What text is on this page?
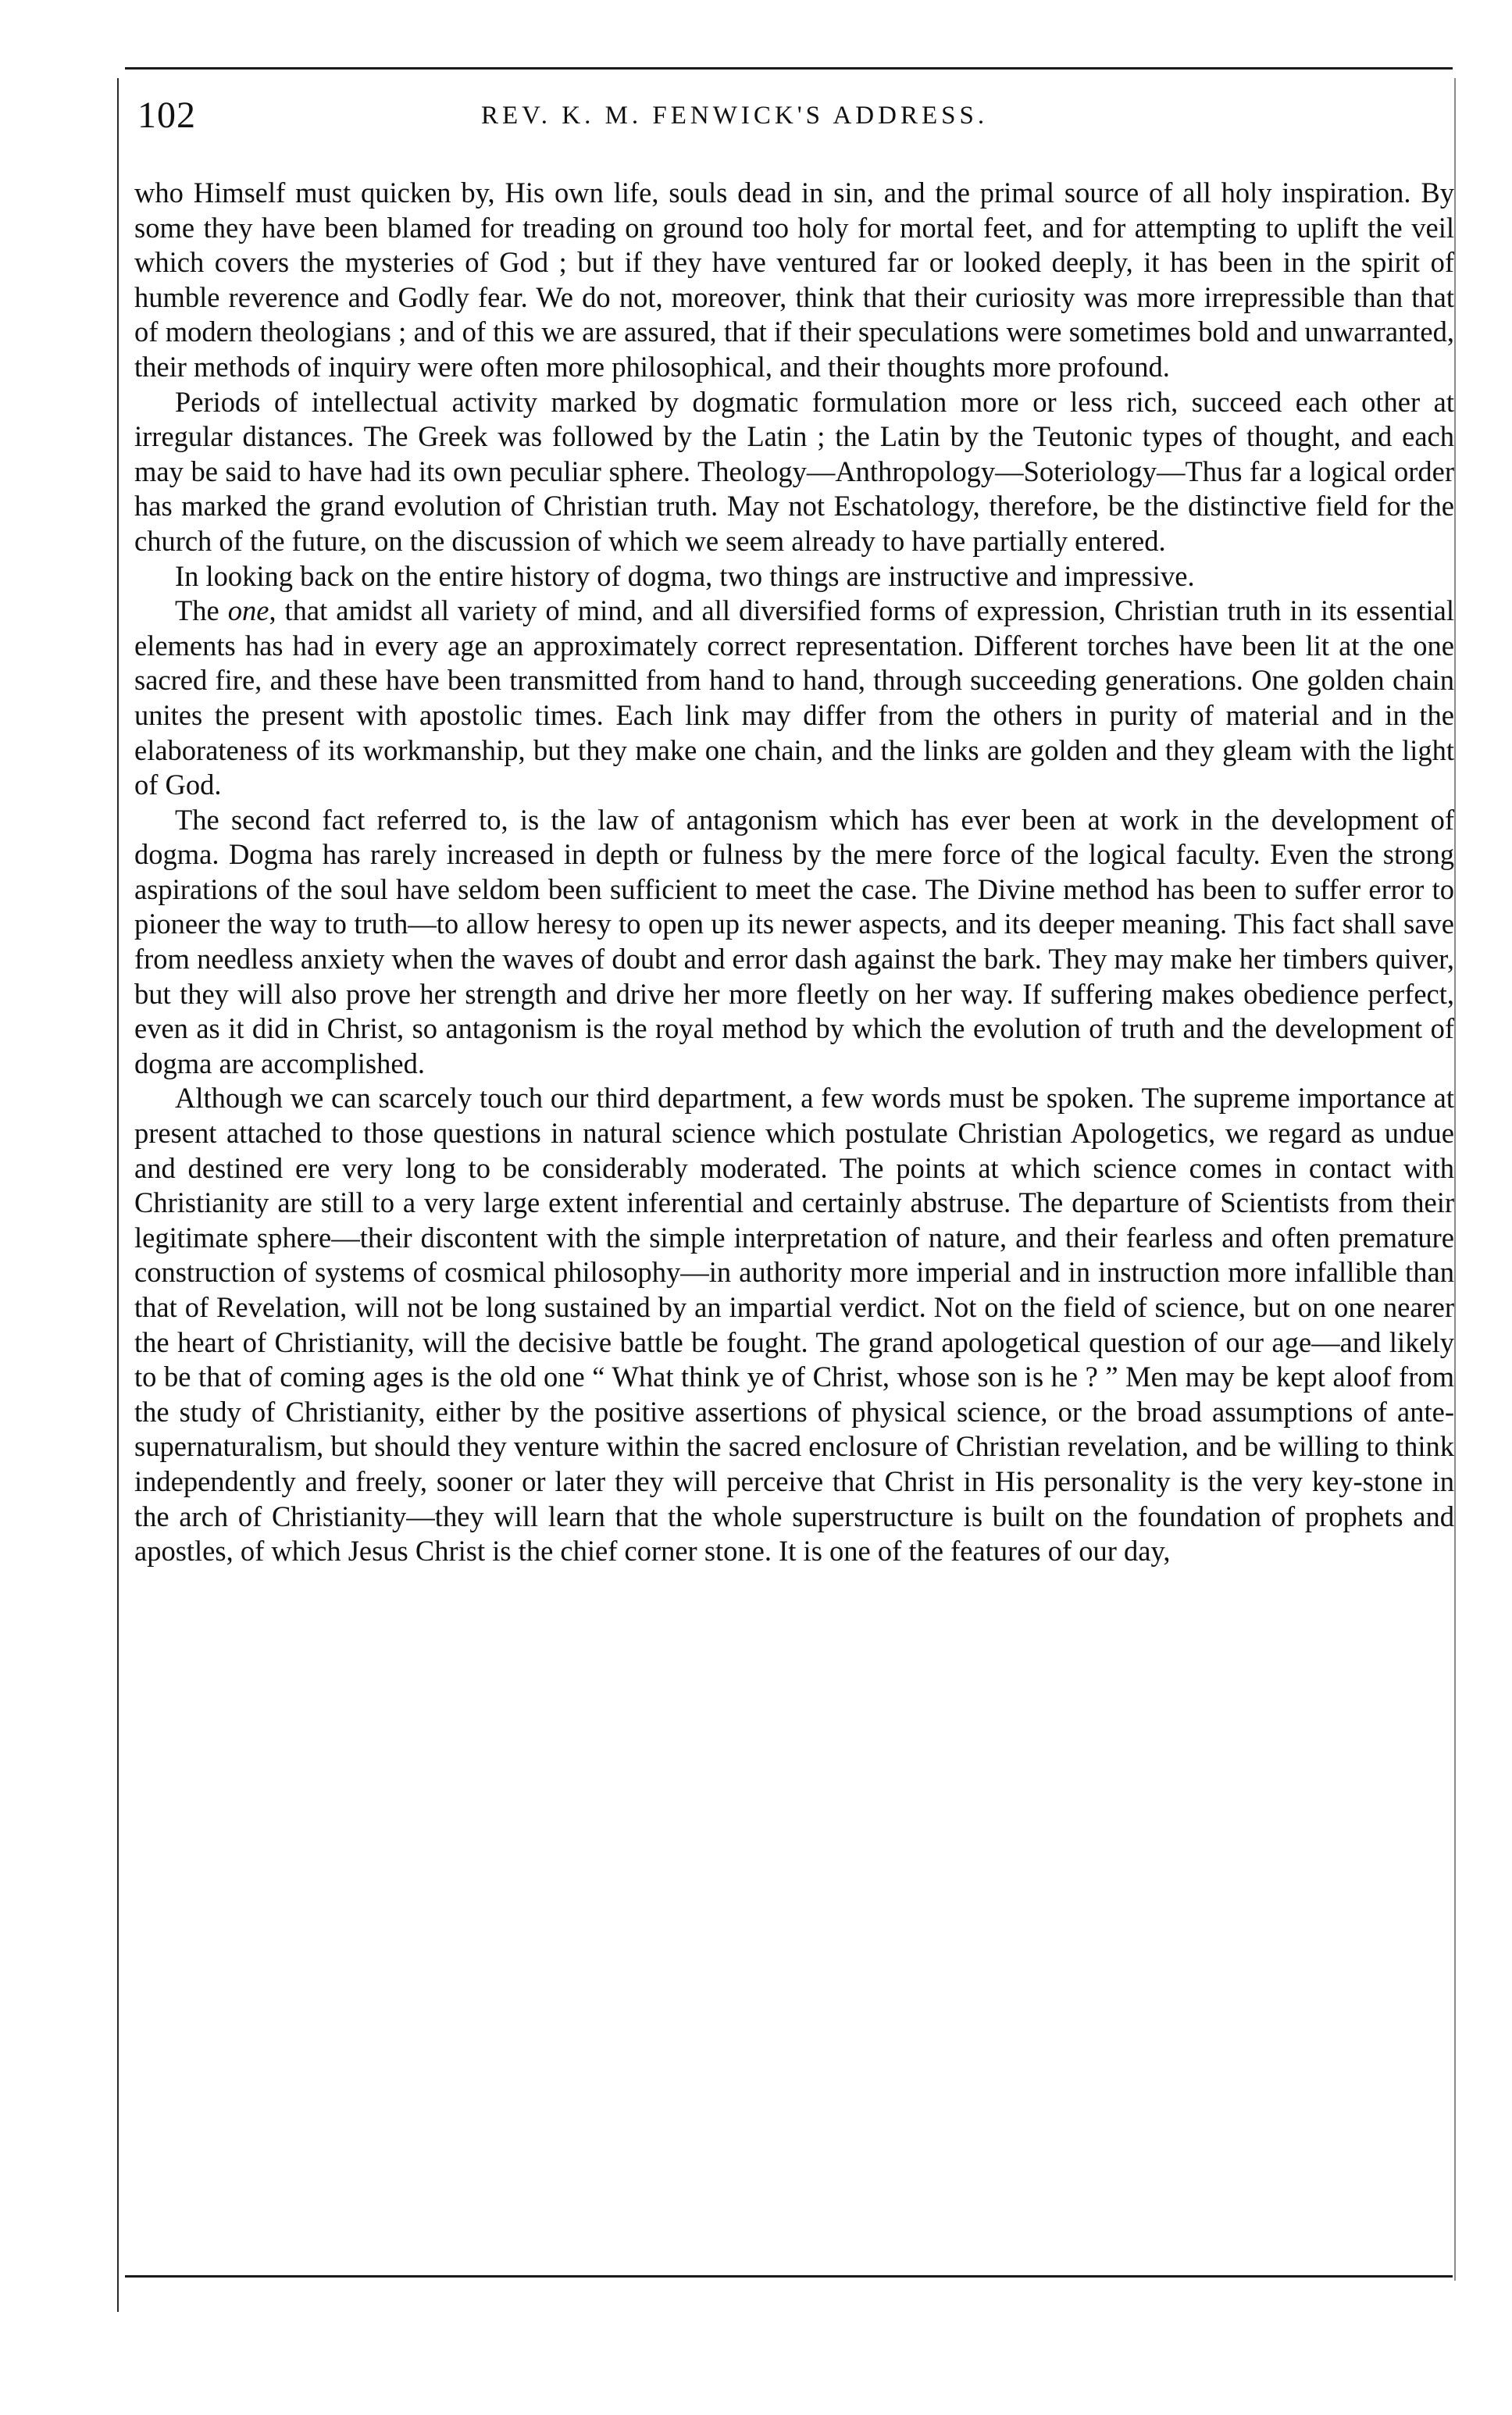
102	REV. K. M. FENWICK'S ADDRESS.

who Himself must quicken by, His own life, souls dead in sin, and the primal source of all holy inspiration. By some they have been blamed for treading on ground too holy for mortal feet, and for attempting to uplift the veil which covers the mysteries of God ; but if they have ventured far or looked deeply, it has been in the spirit of humble reverence and Godly fear. We do not, moreover, think that their curiosity was more irrepressible than that of modern theologians ; and of this we are assured, that if their speculations were sometimes bold and unwarranted, their methods of inquiry were often more philosophical, and their thoughts more profound.

Periods of intellectual activity marked by dogmatic formulation more or less rich, succeed each other at irregular distances. The Greek was followed by the Latin ; the Latin by the Teutonic types of thought, and each may be said to have had its own peculiar sphere. Theology—Anthropology—Soteriology—Thus far a logical order has marked the grand evolution of Christian truth. May not Eschatology, therefore, be the distinctive field for the church of the future, on the discussion of which we seem already to have partially entered.

In looking back on the entire history of dogma, two things are instructive and impressive.

The one, that amidst all variety of mind, and all diversified forms of expression, Christian truth in its essential elements has had in every age an approximately correct representation. Different torches have been lit at the one sacred fire, and these have been transmitted from hand to hand, through succeeding generations. One golden chain unites the present with apostolic times. Each link may differ from the others in purity of material and in the elaborateness of its workmanship, but they make one chain, and the links are golden and they gleam with the light of God.

The second fact referred to, is the law of antagonism which has ever been at work in the development of dogma. Dogma has rarely increased in depth or fulness by the mere force of the logical faculty. Even the strong aspirations of the soul have seldom been sufficient to meet the case. The Divine method has been to suffer error to pioneer the way to truth—to allow heresy to open up its newer aspects, and its deeper meaning. This fact shall save from needless anxiety when the waves of doubt and error dash against the bark. They may make her timbers quiver, but they will also prove her strength and drive her more fleetly on her way. If suffering makes obedience perfect, even as it did in Christ, so antagonism is the royal method by which the evolution of truth and the development of dogma are accomplished.

Although we can scarcely touch our third department, a few words must be spoken. The supreme importance at present attached to those questions in natural science which postulate Christian Apologetics, we regard as undue and destined ere very long to be considerably moderated. The points at which science comes in contact with Christianity are still to a very large extent inferential and certainly abstruse. The departure of Scientists from their legitimate sphere—their discontent with the simple interpretation of nature, and their fearless and often premature construction of systems of cosmical philosophy—in authority more imperial and in instruction more infallible than that of Revelation, will not be long sustained by an impartial verdict. Not on the field of science, but on one nearer the heart of Christianity, will the decisive battle be fought. The grand apologetical question of our age—and likely to be that of coming ages is the old one “ What think ye of Christ, whose son is he ? ” Men may be kept aloof from the study of Christianity, either by the positive assertions of physical science, or the broad assumptions of ante-supernaturalism, but should they venture within the sacred enclosure of Christian revelation, and be willing to think independently and freely, sooner or later they will perceive that Christ in His personality is the very key-stone in the arch of Christianity—they will learn that the whole superstructure is built on the foundation of prophets and apostles, of which Jesus Christ is the chief corner stone. It is one of the features of our day,
